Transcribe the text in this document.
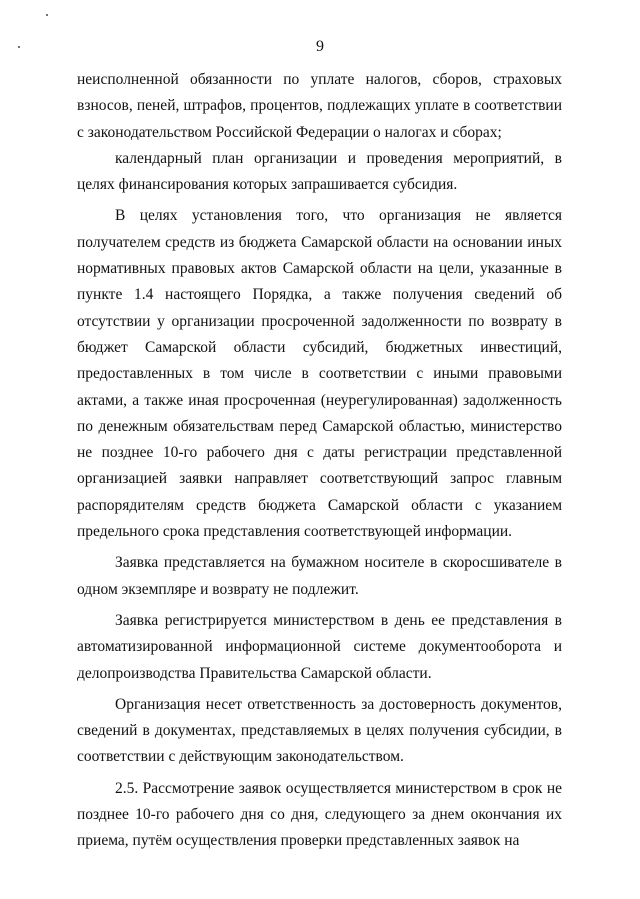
9

неисполненной обязанности по уплате налогов, сборов, страховых взносов, пеней, штрафов, процентов, подлежащих уплате в соответствии с законодательством Российской Федерации о налогах и сборах;

календарный план организации и проведения мероприятий, в целях финансирования которых запрашивается субсидия.

В целях установления того, что организация не является получателем средств из бюджета Самарской области на основании иных нормативных правовых актов Самарской области на цели, указанные в пункте 1.4 настоящего Порядка, а также получения сведений об отсутствии у организации просроченной задолженности по возврату в бюджет Самарской области субсидий, бюджетных инвестиций, предоставленных в том числе в соответствии с иными правовыми актами, а также иная просроченная (неурегулированная) задолженность по денежным обязательствам перед Самарской областью, министерство не позднее 10-го рабочего дня с даты регистрации представленной организацией заявки направляет соответствующий запрос главным распорядителям средств бюджета Самарской области с указанием предельного срока представления соответствующей информации.

Заявка представляется на бумажном носителе в скоросшивателе в одном экземпляре и возврату не подлежит.

Заявка регистрируется министерством в день ее представления в автоматизированной информационной системе документооборота и делопроизводства Правительства Самарской области.

Организация несет ответственность за достоверность документов, сведений в документах, представляемых в целях получения субсидии, в соответствии с действующим законодательством.

2.5. Рассмотрение заявок осуществляется министерством в срок не позднее 10-го рабочего дня со дня, следующего за днем окончания их приема, путём осуществления проверки представленных заявок на
